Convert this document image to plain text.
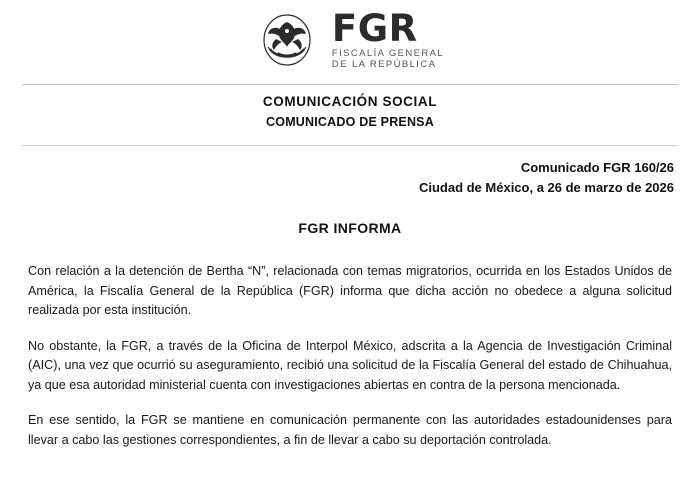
FGR
FISCALÍA GENERAL
DE LA REPÚBLICA
COMUNICACIÓN SOCIAL
COMUNICADO DE PRENSA
Comunicado FGR 160/26
Ciudad de México, a 26 de marzo de 2026
FGR INFORMA

Con relación a la detención de Bertha “N”, relacionada con temas migratorios, ocurrida en los Estados Unidos de América, la Fiscalía General de la República (FGR) informa que dicha acción no obedece a alguna solicitud realizada por esta institución.

No obstante, la FGR, a través de la Oficina de Interpol México, adscrita a la Agencia de Investigación Criminal (AIC), una vez que ocurrió su aseguramiento, recibió una solicitud de la Fiscalía General del estado de Chihuahua, ya que esa autoridad ministerial cuenta con investigaciones abiertas en contra de la persona mencionada.

En ese sentido, la FGR se mantiene en comunicación permanente con las autoridades estadounidenses para llevar a cabo las gestiones correspondientes, a fin de llevar a cabo su deportación controlada.
